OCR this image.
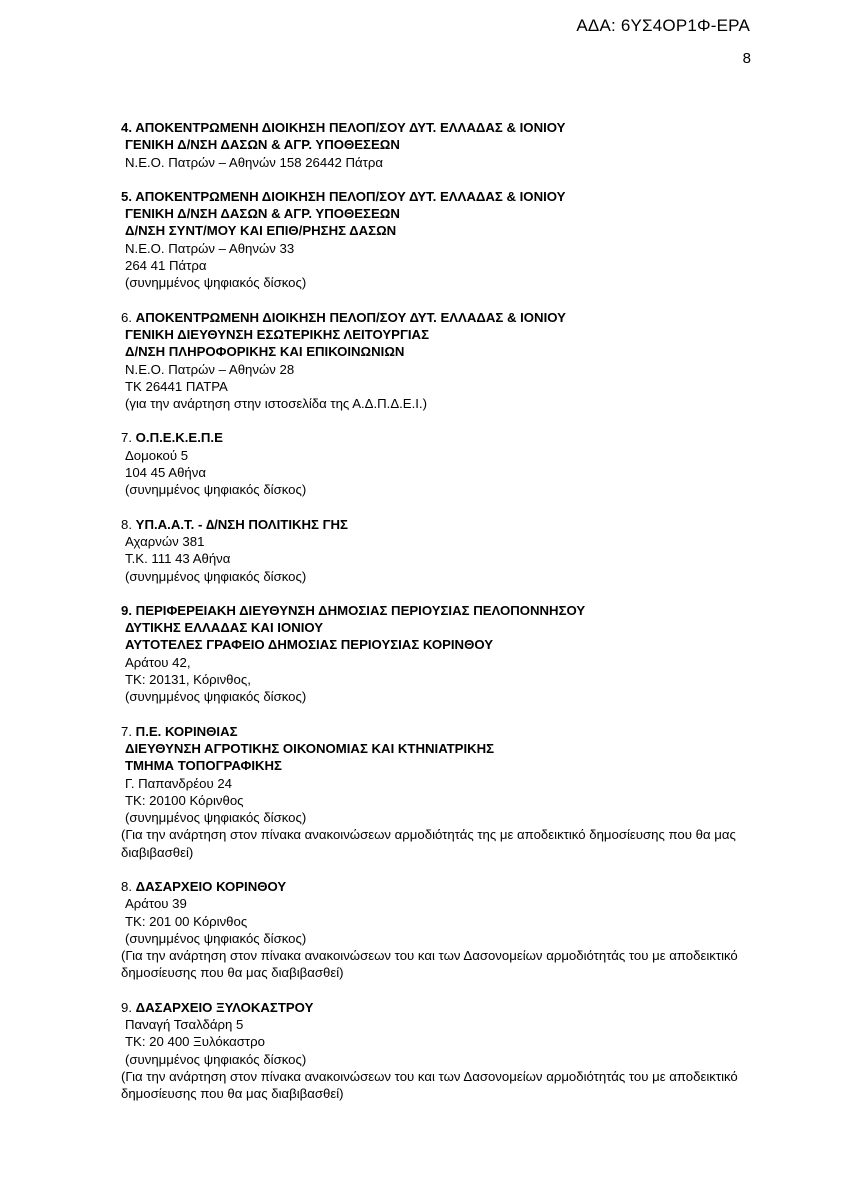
ΑΔΑ: 6ΥΣ4ΟΡ1Φ-ΕΡΑ
8
4. ΑΠΟΚΕΝΤΡΩΜΕΝΗ ΔΙΟΙΚΗΣΗ ΠΕΛΟΠ/ΣΟΥ ΔΥΤ. ΕΛΛΑΔΑΣ & ΙΟΝΙΟΥ
ΓΕΝΙΚΗ Δ/ΝΣΗ ΔΑΣΩΝ & ΑΓΡ. ΥΠΟΘΕΣΕΩΝ
Ν.Ε.Ο. Πατρών – Αθηνών 158 26442 Πάτρα
5. ΑΠΟΚΕΝΤΡΩΜΕΝΗ ΔΙΟΙΚΗΣΗ ΠΕΛΟΠ/ΣΟΥ ΔΥΤ. ΕΛΛΑΔΑΣ & ΙΟΝΙΟΥ
ΓΕΝΙΚΗ Δ/ΝΣΗ ΔΑΣΩΝ & ΑΓΡ. ΥΠΟΘΕΣΕΩΝ
Δ/ΝΣΗ ΣΥΝΤ/ΜΟΥ ΚΑΙ ΕΠΙΘ/ΡΗΣΗΣ ΔΑΣΩΝ
Ν.Ε.Ο. Πατρών – Αθηνών 33
264 41 Πάτρα
(συνημμένος ψηφιακός δίσκος)
6. ΑΠΟΚΕΝΤΡΩΜΕΝΗ ΔΙΟΙΚΗΣΗ ΠΕΛΟΠ/ΣΟΥ ΔΥΤ. ΕΛΛΑΔΑΣ & ΙΟΝΙΟΥ
ΓΕΝΙΚΗ ΔΙΕΥΘΥΝΣΗ ΕΣΩΤΕΡΙΚΗΣ ΛΕΙΤΟΥΡΓΙΑΣ
Δ/ΝΣΗ ΠΛΗΡΟΦΟΡΙΚΗΣ ΚΑΙ ΕΠΙΚΟΙΝΩΝΙΩΝ
Ν.Ε.Ο. Πατρών – Αθηνών 28
ΤΚ 26441 ΠΑΤΡΑ
(για την ανάρτηση στην ιστοσελίδα της Α.Δ.Π.Δ.Ε.Ι.)
7. Ο.Π.Ε.Κ.Ε.Π.Ε
Δομοκού 5
104 45 Αθήνα
(συνημμένος ψηφιακός δίσκος)
8. ΥΠ.Α.Α.Τ. - ∆/ΝΣΗ ΠΟΛΙΤΙΚΗΣ ΓΗΣ
Αχαρνών 381
Τ.Κ. 111 43 Αθήνα
(συνημμένος ψηφιακός δίσκος)
9. ΠΕΡΙΦΕΡΕΙΑΚΗ ΔΙΕΥΘΥΝΣΗ ΔΗΜΟΣΙΑΣ ΠΕΡΙΟΥΣΙΑΣ ΠΕΛΟΠΟΝΝΗΣΟΥ
ΔΥΤΙΚΗΣ ΕΛΛΑΔΑΣ ΚΑΙ ΙΟΝΙΟΥ
ΑΥΤΟΤΕΛΕΣ ΓΡΑΦΕΙΟ ΔΗΜΟΣΙΑΣ ΠΕΡΙΟΥΣΙΑΣ ΚΟΡΙΝΘΟΥ
Αράτου 42,
ΤΚ: 20131, Κόρινθος,
(συνημμένος ψηφιακός δίσκος)
7. Π.Ε. ΚΟΡΙΝΘΙΑΣ
ΔΙΕΥΘΥΝΣΗ ΑΓΡΟΤΙΚΗΣ ΟΙΚΟΝΟΜΙΑΣ ΚΑΙ ΚΤΗΝΙΑΤΡΙΚΗΣ
ΤΜΗΜΑ ΤΟΠΟΓΡΑΦΙΚΗΣ
Γ. Παπανδρέου 24
ΤΚ: 20100 Κόρινθος
(συνημμένος ψηφιακός δίσκος)
(Για την ανάρτηση στον πίνακα ανακοινώσεων αρμοδιότητάς της με αποδεικτικό δημοσίευσης που θα μας διαβιβασθεί)
8. ΔΑΣΑΡΧΕΙΟ ΚΟΡΙΝΘΟΥ
Αράτου 39
ΤΚ: 201 00 Κόρινθος
(συνημμένος ψηφιακός δίσκος)
(Για την ανάρτηση στον πίνακα ανακοινώσεων του και των Δασονομείων αρμοδιότητάς του με αποδεικτικό δημοσίευσης που θα μας διαβιβασθεί)
9. ΔΑΣΑΡΧΕΙΟ ΞΥΛΟΚΑΣΤΡΟΥ
Παναγή Τσαλδάρη 5
ΤΚ: 20 400 Ξυλόκαστρο
(συνημμένος ψηφιακός δίσκος)
(Για την ανάρτηση στον πίνακα ανακοινώσεων του και των Δασονομείων αρμοδιότητάς του με αποδεικτικό δημοσίευσης που θα μας διαβιβασθεί)
